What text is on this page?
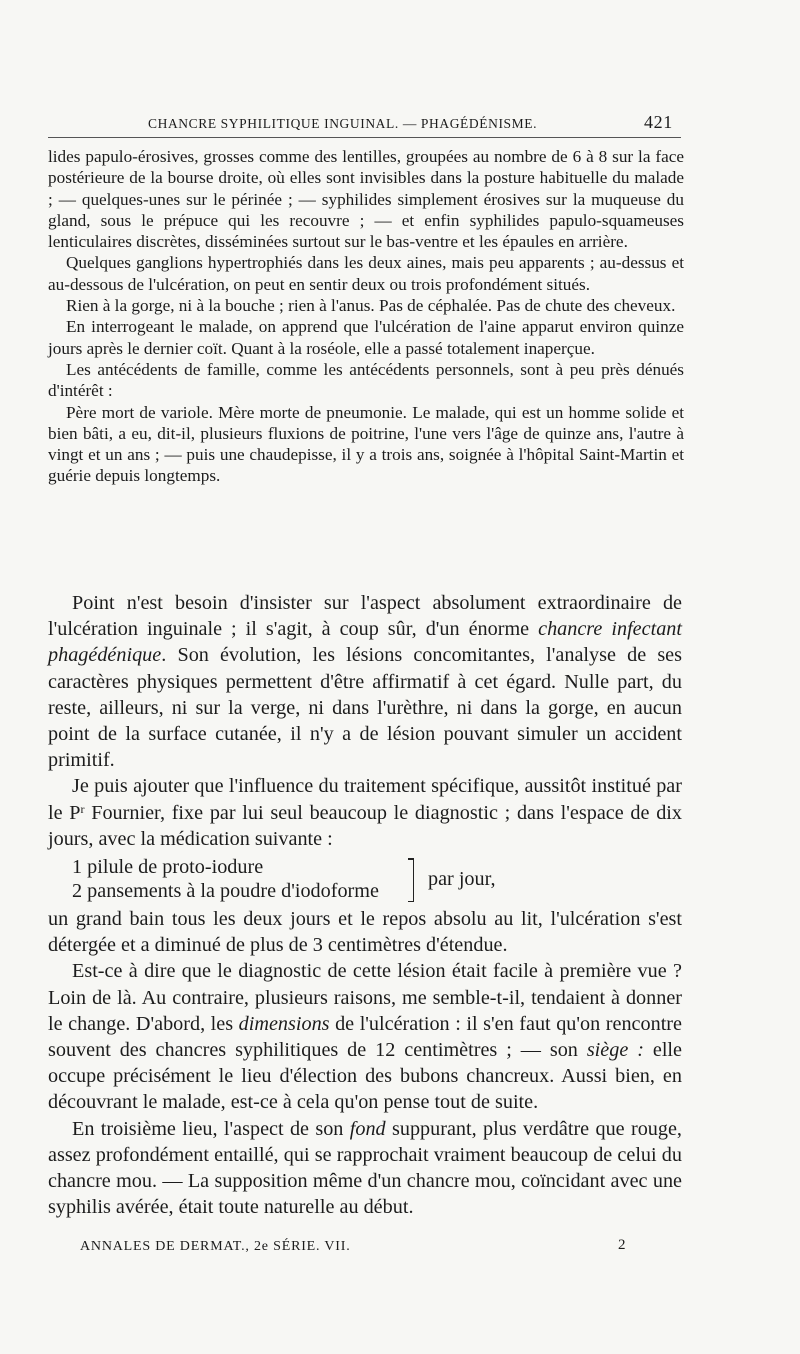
CHANCRE SYPHILITIQUE INGUINAL. — PHAGÉDÉNISME.	421

lides papulo-érosives, grosses comme des lentilles, groupées au nombre de 6 à 8 sur la face postérieure de la bourse droite, où elles sont invisibles dans la posture habituelle du malade ; — quelques-unes sur le périnée ; — syphilides simplement érosives sur la muqueuse du gland, sous le prépuce qui les recouvre ; — et enfin syphilides papulo-squameuses lenticulaires discrètes, disséminées surtout sur le bas-ventre et les épaules en arrière.

Quelques ganglions hypertrophiés dans les deux aines, mais peu apparents ; au-dessus et au-dessous de l'ulcération, on peut en sentir deux ou trois profondément situés.

Rien à la gorge, ni à la bouche ; rien à l'anus. Pas de céphalée. Pas de chute des cheveux.

En interrogeant le malade, on apprend que l'ulcération de l'aine apparut environ quinze jours après le dernier coït. Quant à la roséole, elle a passé totalement inaperçue.

Les antécédents de famille, comme les antécédents personnels, sont à peu près dénués d'intérêt :

Père mort de variole. Mère morte de pneumonie. Le malade, qui est un homme solide et bien bâti, a eu, dit-il, plusieurs fluxions de poitrine, l'une vers l'âge de quinze ans, l'autre à vingt et un ans ; — puis une chaudepisse, il y a trois ans, soignée à l'hôpital Saint-Martin et guérie depuis longtemps.

Point n'est besoin d'insister sur l'aspect absolument extraordinaire de l'ulcération inguinale ; il s'agit, à coup sûr, d'un énorme chancre infectant phagédénique. Son évolution, les lésions concomitantes, l'analyse de ses caractères physiques permettent d'être affirmatif à cet égard. Nulle part, du reste, ailleurs, ni sur la verge, ni dans l'urèthre, ni dans la gorge, en aucun point de la surface cutanée, il n'y a de lésion pouvant simuler un accident primitif.

Je puis ajouter que l'influence du traitement spécifique, aussitôt institué par le $P^r$ Fournier, fixe par lui seul beaucoup le diagnostic ; dans l'espace de dix jours, avec la médication suivante :

1 pilule de proto-iodure
2 pansements à la poudre d'iodoforme
par jour,

un grand bain tous les deux jours et le repos absolu au lit, l'ulcération s'est détergée et a diminué de plus de 3 centimètres d'étendue.

Est-ce à dire que le diagnostic de cette lésion était facile à première vue ? Loin de là. Au contraire, plusieurs raisons, me semble-t-il, tendaient à donner le change. D'abord, les dimensions de l'ulcération : il s'en faut qu'on rencontre souvent des chancres syphilitiques de 12 centimètres ; — son siège : elle occupe précisément le lieu d'élection des bubons chancreux. Aussi bien, en découvrant le malade, est-ce à cela qu'on pense tout de suite.

En troisième lieu, l'aspect de son fond suppurant, plus verdâtre que rouge, assez profondément entaillé, qui se rapprochait vraiment beaucoup de celui du chancre mou. — La supposition même d'un chancre mou, coïncidant avec une syphilis avérée, était toute naturelle au début.

ANNALES DE DERMAT., 2e SÉRIE. VII.	2
